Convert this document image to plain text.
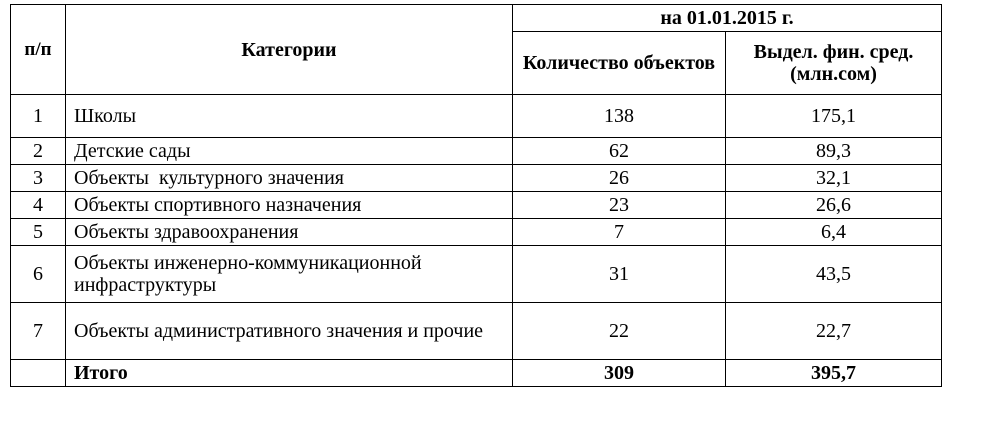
п/п	Категории	на 01.01.2015 г.	
		Количество объектов	Выдел. фин. сред. (млн.сом)
1	Школы	138	175,1
2	Детские сады	62	89,3
3	Объекты  культурного значения	26	32,1
4	Объекты спортивного назначения	23	26,6
5	Объекты здравоохранения	7	6,4
6	Объекты инженерно-коммуникационной инфраструктуры	31	43,5
7	Объекты административного значения и прочие	22	22,7
	Итого	309	395,7
